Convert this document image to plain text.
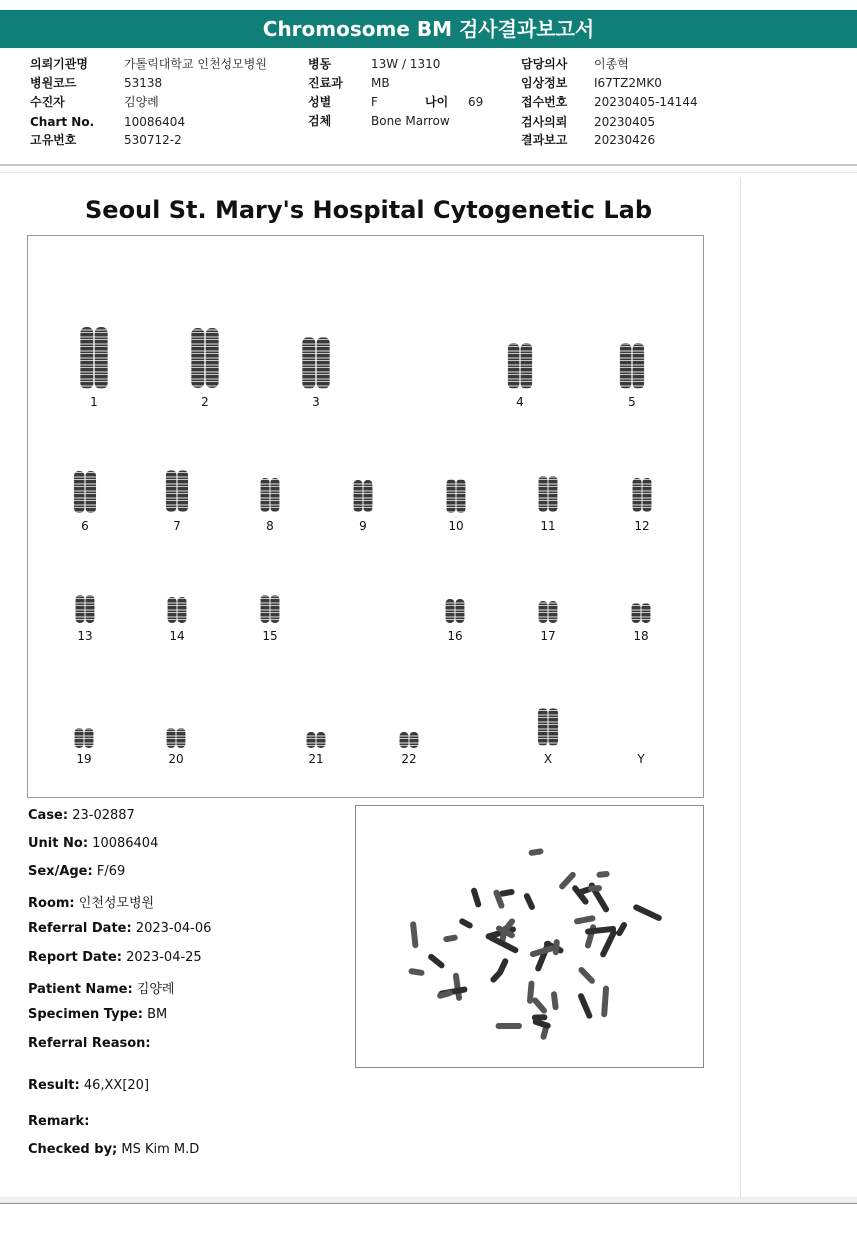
Chromosome BM 검사결과보고서
의뢰기관명	가톨릭대학교 인천성모병원
병원코드	53138
수진자	김양례
Chart No. 10086404
고유번호	530712-2
병동	13W / 1310
진료과 MB
성별	F	나이 69
검체	Bone Marrow
담당의사 이종혁
임상정보 I67TZ2MK0
접수번호 20230405-14144
검사의뢰 20230405
결과보고 20230426
Seoul St. Mary's Hospital Cytogenetic Lab
1	2	3	4	5
6	7	8	9	10	11	12
13	14	15	16	17	18
19	20	21	22	X	Y
Case: 23-02887
Unit No: 10086404
Sex/Age: F/69
Room: 인천성모병원
Referral Date: 2023-04-06
Report Date: 2023-04-25
Patient Name: 김양례
Specimen Type: BM
Referral Reason:
Result: 46,XX[20]
Remark:
Checked by; MS Kim M.D
